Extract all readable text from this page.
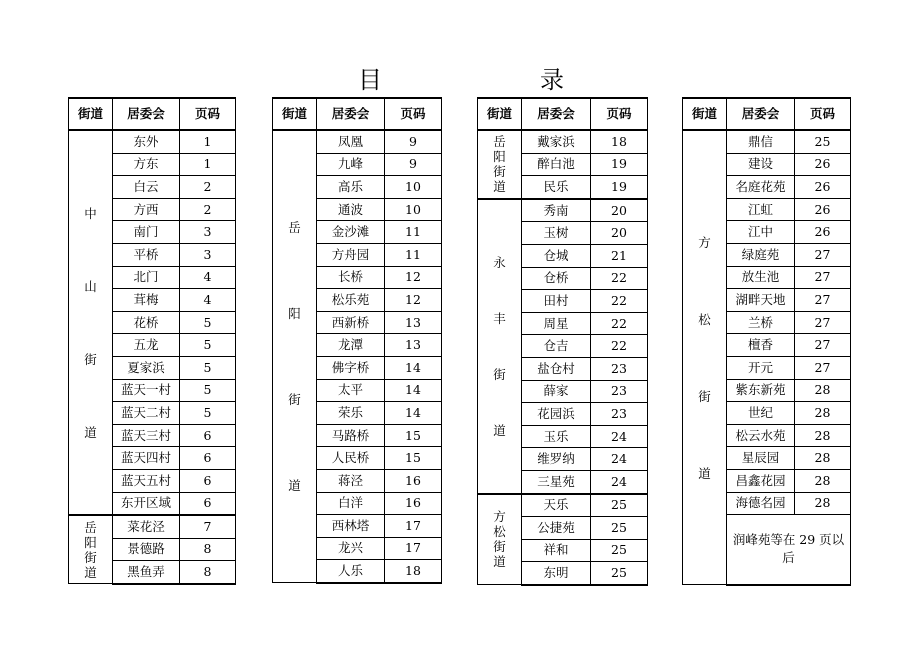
目	录
街道	居委会	页码

中
山
街
道	东外	1
	方东	1
	白云	2
	方西	2
	南门	3
	平桥	3
	北门	4
	茸梅	4
	花桥	5
	五龙	5
	夏家浜	5
	蓝天一村	5
	蓝天二村	5
	蓝天三村	6
	蓝天四村	6
	蓝天五村	6
	东开区域	6

岳
阳
街
道	菜花泾	7
	景德路	8
	黑鱼弄	8
街道	居委会	页码

岳
阳
街
道	凤凰	9
	九峰	9
	高乐	10
	通波	10
	金沙滩	11
	方舟园	11
	长桥	12
	松乐苑	12
	西新桥	13
	龙潭	13
	佛字桥	14
	太平	14
	荣乐	14
	马路桥	15
	人民桥	15
	蒋泾	16
	白洋	16
	西林塔	17
	龙兴	17
	人乐	18
街道	居委会	页码

岳
阳
街
道	戴家浜	18
	醉白池	19
	民乐	19

永
丰
街
道	秀南	20
	玉树	20
	仓城	21
	仓桥	22
	田村	22
	周星	22
	仓吉	22
	盐仓村	23
	薛家	23
	花园浜	23
	玉乐	24
	维罗纳	24
	三星苑	24

方
松
街
道	天乐	25
	公捷苑	25
	祥和	25
	东明	25
街道	居委会	页码

方
松
街
道	鼎信	25
	建设	26
	名庭花苑	26
	江虹	26
	江中	26
	绿庭苑	27
	放生池	27
	湖畔天地	27
	兰桥	27
	檀香	27
	开元	27
	紫东新苑	28
	世纪	28
	松云水苑	28
	星辰园	28
	昌鑫花园	28
	海德名园	28
	润峰苑等在 29 页以后	
